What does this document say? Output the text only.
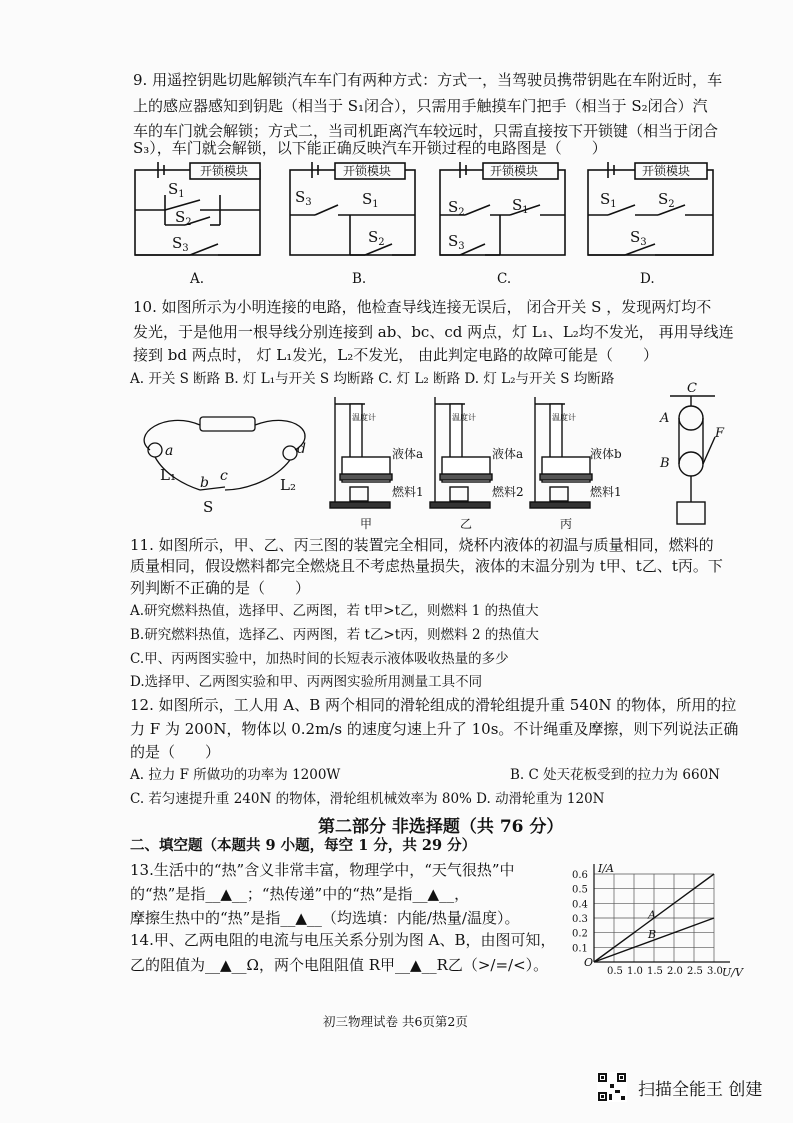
9. 用遥控钥匙切匙解锁汽车车门有两种方式：方式一，当驾驶员携带钥匙在车附近时，车
上的感应器感知到钥匙（相当于 S₁闭合），只需用手触摸车门把手（相当于 S₂闭合）汽
车的车门就会解锁；方式二，当司机距离汽车较远时，只需直接按下开锁键（相当于闭合
S₃），车门就会解锁，以下能正确反映汽车开锁过程的电路图是（　　）
开锁模块	开锁模块	开锁模块	开锁模块
$S_1$
$S_2$
$S_3$
$S_3$	$S_1$
$S_2$
$S_2$	$S_1$
$S_3$
$S_1$	$S_2$
$S_3$
A.	B.	C.	D.
10. 如图所示为小明连接的电路，他检查导线连接无误后， 闭合开关 S ，发现两灯均不
发光，于是他用一根导线分别连接到 ab、bc、cd 两点，灯 L₁、L₂均不发光， 再用导线连
接到 bd 两点时， 灯 L₁发光，L₂不发光， 由此判定电路的故障可能是（　　）
A. 开关 S 断路 B. 灯 L₁与开关 S 均断路 C. 灯 L₂ 断路 D. 灯 L₂与开关 S 均断路
a
b c
d
L₁
L₂
S
温度计	温度计	温度计
液体a	液体a	液体b
燃料1	燃料2	燃料1
甲	乙	丙
C
A
B
F
11. 如图所示，甲、乙、丙三图的装置完全相同，烧杯内液体的初温与质量相同，燃料的
质量相同，假设燃料都完全燃烧且不考虑热量损失，液体的末温分别为 t甲、t乙、t丙。下
列判断不正确的是（　　）
A.研究燃料热值，选择甲、乙两图，若 t甲>t乙，则燃料 1 的热值大
B.研究燃料热值，选择乙、丙两图，若 t乙>t丙，则燃料 2 的热值大
C.甲、丙两图实验中，加热时间的长短表示液体吸收热量的多少
D.选择甲、乙两图实验和甲、丙两图实验所用测量工具不同
12. 如图所示，工人用 A、B 两个相同的滑轮组成的滑轮组提升重 540N 的物体，所用的拉
力 F 为 200N，物体以 0.2m/s 的速度匀速上升了 10s。不计绳重及摩擦，则下列说法正确
的是（　　）
A. 拉力 F 所做功的功率为 1200W	B. C 处天花板受到的拉力为 660N
C. 若匀速提升重 240N 的物体，滑轮组机械效率为 80% D. 动滑轮重为 120N
第二部分 非选择题（共 76 分）
二、填空题（本题共 9 小题，每空 1 分，共 29 分）
13.生活中的“热”含义非常丰富，物理学中，“天气很热”中
的“热”是指__▲__；“热传递”中的“热”是指__▲__，
摩擦生热中的“热”是指__▲__（均选填：内能/热量/温度）。
14.甲、乙两电阻的电流与电压关系分别为图 A、B，由图可知，
乙的阻值为__▲__Ω，两个电阻阻值 R甲__▲__R乙（>/=/<）。	0.5 1.0 1.5 2.0 2.5 3.0
0.1
0.2
0.3
0.4
0.5
0.6
I/A
U/V
O
A
B
初三物理试卷 共6页第2页
扫描全能王 创建
